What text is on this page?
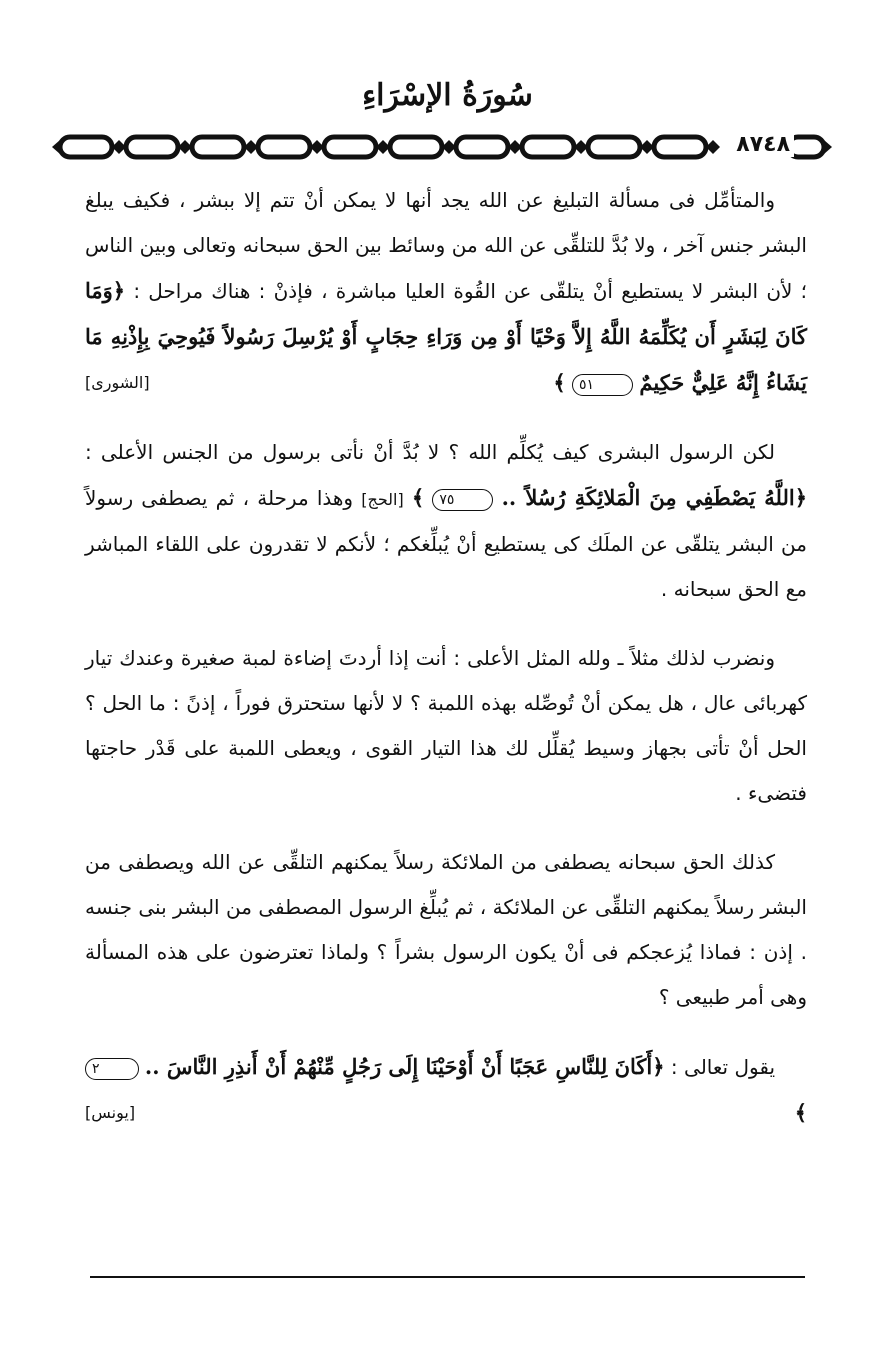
سُورَةُ الإسْرَاءِ
٨٧٤٨

والمتأمِّل فى مسألة التبليغ عن الله يجد أنها لا يمكن أنْ تتم إلا ببشر ، فكيف يبلغ البشر جنس آخر ، ولا بُدَّ للتلقِّى عن الله من وسائط بين الحق سبحانه وتعالى وبين الناس ؛ لأن البشر لا يستطيع أنْ يتلقّى عن القُوة العليا مباشرة ، فإذنْ : هناك مراحل : ﴿وَمَا كَانَ لِبَشَرٍ أَن يُكَلِّمَهُ اللَّهُ إِلاَّ وَحْيًا أَوْ مِن وَرَاءِ حِجَابٍ أَوْ يُرْسِلَ رَسُولاً فَيُوحِيَ بِإِذْنِهِ مَا يَشَاءُ إِنَّهُ عَلِيٌّ حَكِيمٌ ٥١ ﴾
[الشورى]

لكن الرسول البشرى كيف يُكلِّم الله ؟ لا بُدَّ أنْ نأتى برسول من الجنس الأعلى : ﴿اللَّهُ يَصْطَفِي مِنَ الْمَلائِكَةِ رُسُلاً .. ٧٥ ﴾ [الحج] وهذا مرحلة ، ثم يصطفى رسولاً من البشر يتلقّى عن الملَك كى يستطيع أنْ يُبلِّغكم ؛ لأنكم لا تقدرون على اللقاء المباشر مع الحق سبحانه .

ونضرب لذلك مثلاً ـ ولله المثل الأعلى : أنت إذا أردتَ إضاءة لمبة صغيرة وعندك تيار كهربائى عال ، هل يمكن أنْ تُوصِّله بهذه اللمبة ؟ لا لأنها ستحترق فوراً ، إذنً : ما الحل ؟ الحل أنْ تأتى بجهاز وسيط يُقلِّل لك هذا التيار القوى ، ويعطى اللمبة على قَدْر حاجتها فتضىء .

كذلك الحق سبحانه يصطفى من الملائكة رسلاً يمكنهم التلقِّى عن الله ويصطفى من البشر رسلاً يمكنهم التلقِّى عن الملائكة ، ثم يُبلِّغ الرسول المصطفى من البشر بنى جنسه . إذن : فماذا يُزعجكم فى أنْ يكون الرسول بشراً ؟ ولماذا تعترضون على هذه المسألة وهى أمر طبيعى ؟

يقول تعالى : ﴿أَكَانَ لِلنَّاسِ عَجَبًا أَنْ أَوْحَيْنَا إِلَى رَجُلٍ مِّنْهُمْ أَنْ أَنذِرِ النَّاسَ .. ٢ ﴾
[يونس]
